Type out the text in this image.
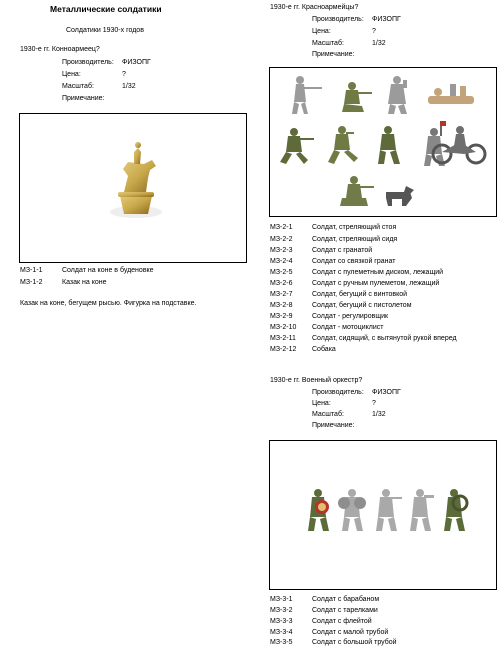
Металлические солдатики
Солдатики 1930-х годов
1930-е гг. Конноармеец?
Производитель: ФИЗОПГ
Цена:	?
Масштаб:	1/32
Примечание:
МЗ-1-1	Солдат на коне в буденовке
МЗ-1-2	Казак на коне
Казак на коне, бегущем рысью. Фигурка на подставке.
1930-е гг. Красноармейцы?
Производитель: ФИЗОПГ
Цена:	?
Масштаб:	1/32
Примечание:
МЗ-2-1	Солдат, стреляющий стоя
МЗ-2-2	Солдат, стреляющий сидя
МЗ-2-3	Солдат с гранатой
МЗ-2-4	Солдат со связкой гранат
МЗ-2-5	Солдат с пулеметным диском, лежащий
МЗ-2-6	Солдат с ручным пулеметом, лежащий
МЗ-2-7	Солдат, бегущий с винтовкой
МЗ-2-8	Солдат, бегущий с пистолетом
МЗ-2-9	Солдат - регулировщик
МЗ-2-10 Солдат - мотоциклист
МЗ-2-11 Солдат, сидящий, с вытянутой рукой вперед
МЗ-2-12 Собака
1930-е гг. Военный оркестр?
Производитель: ФИЗОПГ
Цена:	?
Масштаб:	1/32
Примечание:
МЗ-3-1	Солдат с барабаном
МЗ-3-2	Солдат с тарелками
МЗ-3-3	Солдат с флейтой
МЗ-3-4	Солдат с малой трубой
МЗ-3-5	Солдат с большой трубой
